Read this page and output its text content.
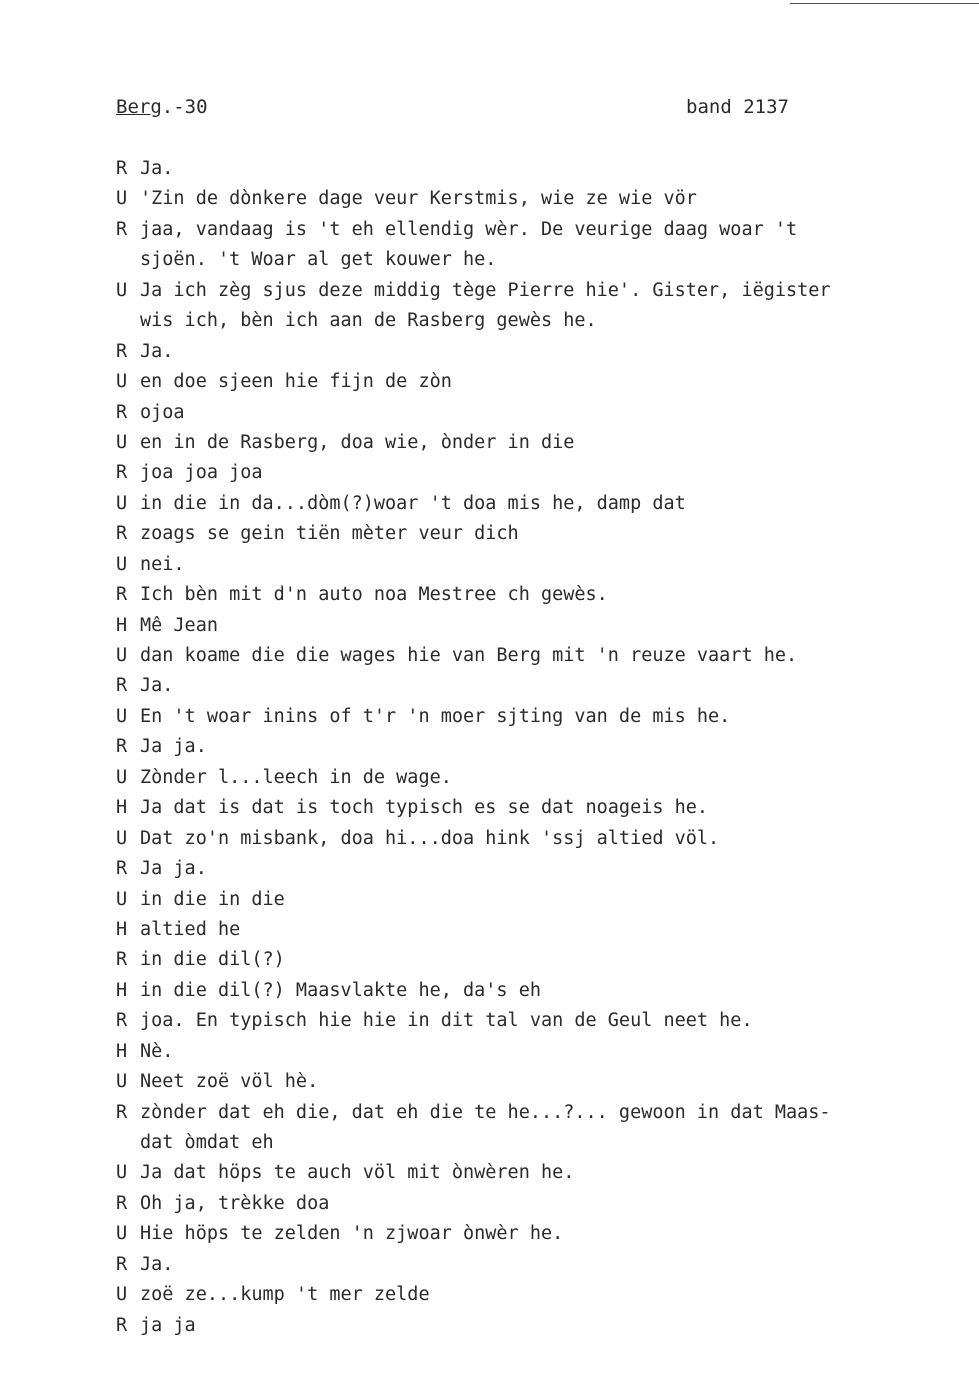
Berg.-30	band 2137
R Ja.
U 'Zin de dònkere dage veur Kerstmis, wie ze wie vör
R jaa, vandaag is 't eh ellendig wèr. De veurige daag woar 't
sjoën. 't Woar al get kouwer he.
U Ja ich zèg sjus deze middig tège Pierre hie'. Gister, iëgister
wis ich, bèn ich aan de Rasberg gewès he.
R Ja.
U en doe sjeen hie fijn de zòn
R ojoa
U en in de Rasberg, doa wie, ònder in die
R joa joa joa
U in die in da...dòm(?)woar 't doa mis he, damp dat
R zoags se gein tiën mèter veur dich
U nei.
R Ich bèn mit d'n auto noa Mestree ch gewès.
H Mê Jean
U dan koame die die wages hie van Berg mit 'n reuze vaart he.
R Ja.
U En 't woar inins of t'r 'n moer sjting van de mis he.
R Ja ja.
U Zònder l...leech in de wage.
H Ja dat is dat is toch typisch es se dat noageis he.
U Dat zo'n misbank, doa hi...doa hink 'ssj altied völ.
R Ja ja.
U in die in die
H altied he
R in die dil(?)
H in die dil(?) Maasvlakte he, da's eh
R joa. En typisch hie hie in dit tal van de Geul neet he.
H Nè.
U Neet zoë völ hè.
R zònder dat eh die, dat eh die te he...?... gewoon in dat Maas-
dat òmdat eh
U Ja dat höps te auch völ mit ònwèren he.
R Oh ja, trèkke doa
U Hie höps te zelden 'n zjwoar ònwèr he.
R Ja.
U zoë ze...kump 't mer zelde
R ja ja
